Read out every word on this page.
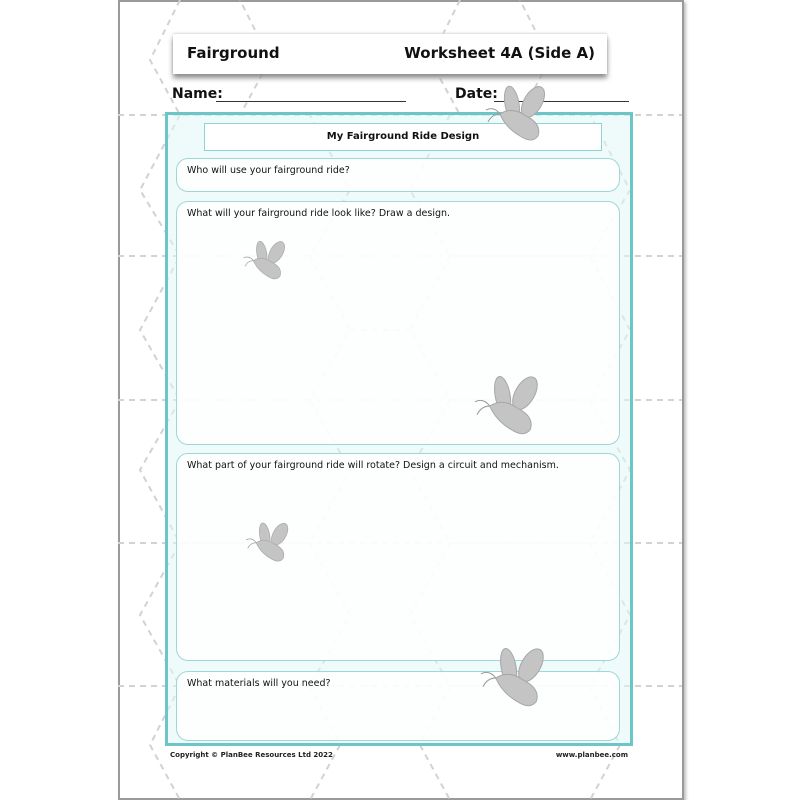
Fairground	Worksheet 4A (Side A)
Name:	Date:
My Fairground Ride Design
Who will use your fairground ride?
What will your fairground ride look like? Draw a design.
What part of your fairground ride will rotate? Design a circuit and mechanism.
What materials will you need?
Copyright © PlanBee Resources Ltd 2022	www.planbee.com
